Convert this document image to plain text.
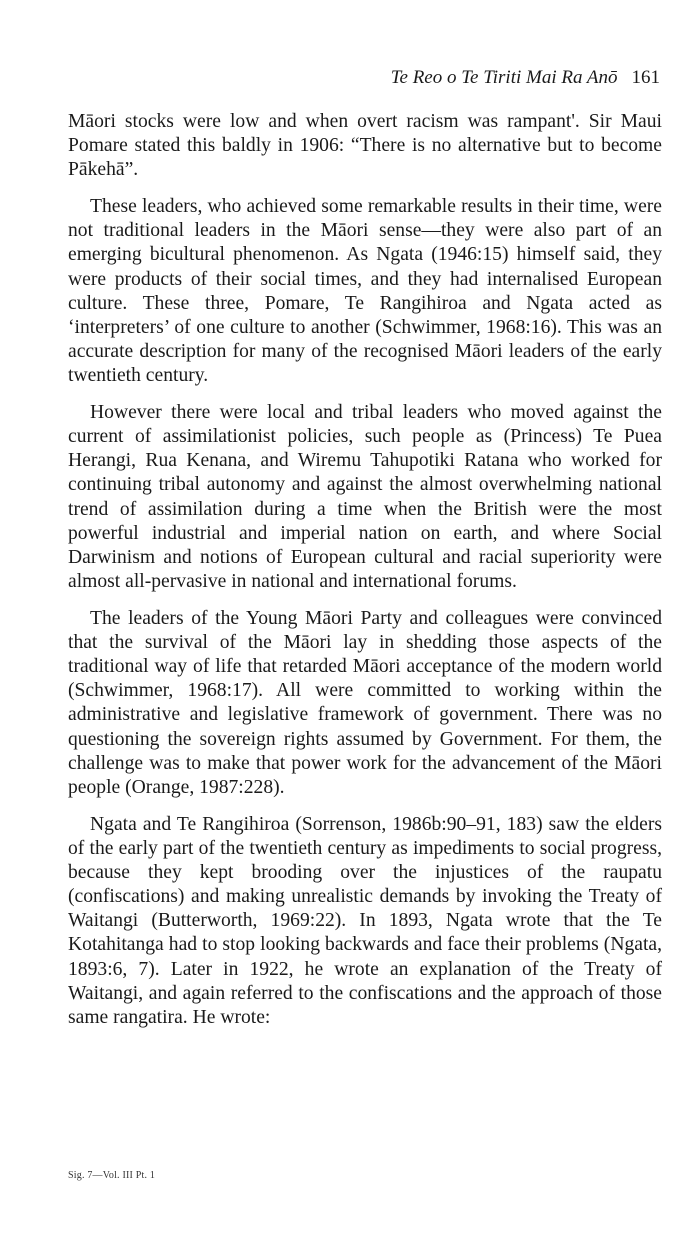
Te Reo o Te Tiriti Mai Ra Anō 161

Māori stocks were low and when overt racism was rampant'. Sir Maui Pomare stated this baldly in 1906: “There is no alternative but to become Pākehā”.

These leaders, who achieved some remarkable results in their time, were not traditional leaders in the Māori sense—they were also part of an emerging bicultural phenomenon. As Ngata (1946:15) himself said, they were products of their social times, and they had internalised European culture. These three, Pomare, Te Rangihiroa and Ngata acted as ‘interpreters’ of one culture to another (Schwimmer, 1968:16). This was an accurate description for many of the recognised Māori leaders of the early twentieth century.

However there were local and tribal leaders who moved against the current of assimilationist policies, such people as (Princess) Te Puea Herangi, Rua Kenana, and Wiremu Tahupotiki Ratana who worked for continuing tribal autonomy and against the almost overwhelming national trend of assimilation during a time when the British were the most powerful industrial and imperial nation on earth, and where Social Darwinism and notions of European cultural and racial superiority were almost all-pervasive in national and international forums.

The leaders of the Young Māori Party and colleagues were convinced that the survival of the Māori lay in shedding those aspects of the traditional way of life that retarded Māori acceptance of the modern world (Schwimmer, 1968:17). All were committed to working within the administrative and legislative framework of government. There was no questioning the sovereign rights assumed by Government. For them, the challenge was to make that power work for the advancement of the Māori people (Orange, 1987:228).

Ngata and Te Rangihiroa (Sorrenson, 1986b:90–91, 183) saw the elders of the early part of the twentieth century as impediments to social progress, because they kept brooding over the injustices of the raupatu (confiscations) and making unrealistic demands by invoking the Treaty of Waitangi (Butterworth, 1969:22). In 1893, Ngata wrote that the Te Kotahitanga had to stop looking backwards and face their problems (Ngata, 1893:6, 7). Later in 1922, he wrote an explanation of the Treaty of Waitangi, and again referred to the confiscations and the approach of those same rangatira. He wrote:

Sig. 7—Vol. III Pt. 1
